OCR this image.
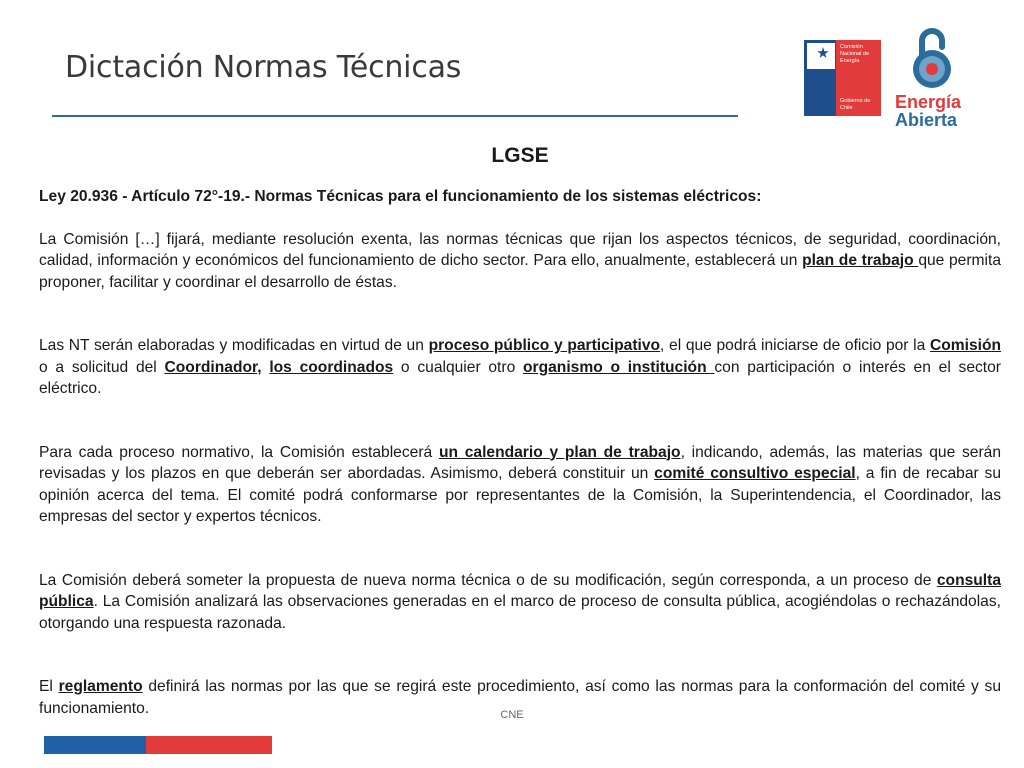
Dictación Normas Técnicas
Comisión Nacional de Energía
Gobierno de Chile	Energía
Abierta
LGSE

Ley 20.936 - Artículo 72°-19.- Normas Técnicas para el funcionamiento de los sistemas eléctricos:

La Comisión […] fijará, mediante resolución exenta, las normas técnicas que rijan los aspectos técnicos, de seguridad, coordinación, calidad, información y económicos del funcionamiento de dicho sector. Para ello, anualmente, establecerá un plan de trabajo que permita proponer, facilitar y coordinar el desarrollo de éstas.

Las NT serán elaboradas y modificadas en virtud de un proceso público y participativo, el que podrá iniciarse de oficio por la Comisión o a solicitud del Coordinador, los coordinados o cualquier otro organismo o institución con participación o interés en el sector eléctrico.

Para cada proceso normativo, la Comisión establecerá un calendario y plan de trabajo, indicando, además, las materias que serán revisadas y los plazos en que deberán ser abordadas. Asimismo, deberá constituir un comité consultivo especial, a fin de recabar su opinión acerca del tema. El comité podrá conformarse por representantes de la Comisión, la Superintendencia, el Coordinador, las empresas del sector y expertos técnicos.

La Comisión deberá someter la propuesta de nueva norma técnica o de su modificación, según corresponda, a un proceso de consulta pública. La Comisión analizará las observaciones generadas en el marco de proceso de consulta pública, acogiéndolas o rechazándolas, otorgando una respuesta razonada.

El reglamento definirá las normas por las que se regirá este procedimiento, así como las normas para la conformación del comité y su funcionamiento.	CNE
